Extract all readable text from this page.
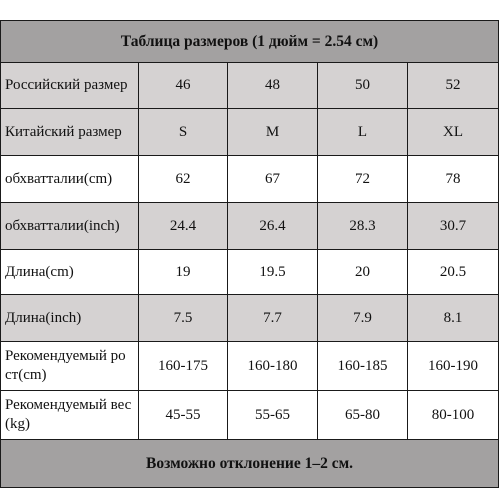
Таблица размеров (1 дюйм = 2.54 см)				
Российский размер	46	48	50	52
Китайский размер	S	M	L	XL
обхватталии(cm)	62	67	72	78
обхватталии(inch)	24.4	26.4	28.3	30.7
Длина(cm)	19	19.5	20	20.5
Длина(inch)	7.5	7.7	7.9	8.1

Рекомендуемый ро
ст(cm)	160-175	160-180	160-185	160-190

Рекомендуемый вес
(kg)	45-55	55-65	65-80	80-100
Возможно отклонение 1–2 см.				
